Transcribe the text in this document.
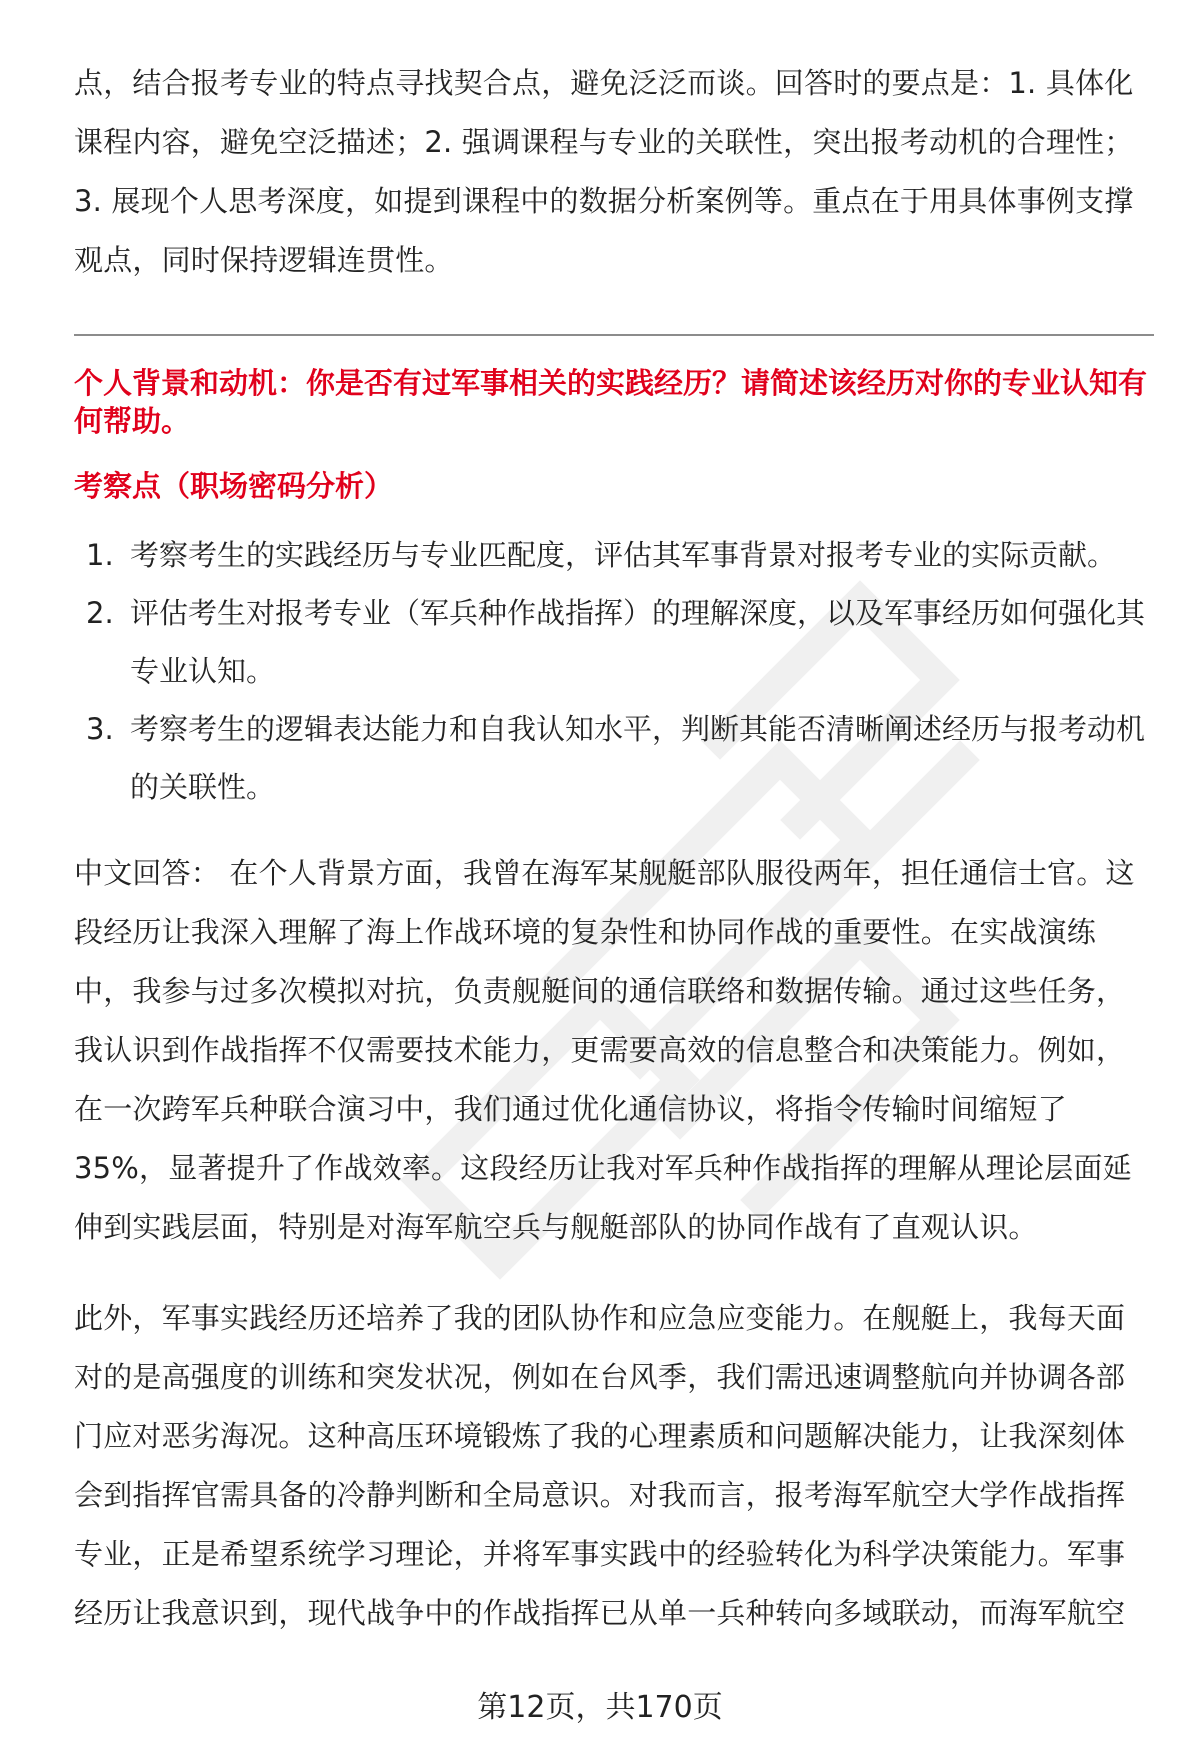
点，结合报考专业的特点寻找契合点，避免泛泛而谈。回答时的要点是：1. 具体化课程内容，避免空泛描述；2. 强调课程与专业的关联性，突出报考动机的合理性；3. 展现个人思考深度，如提到课程中的数据分析案例等。重点在于用具体事例支撑观点，同时保持逻辑连贯性。

个人背景和动机：你是否有过军事相关的实践经历？请简述该经历对你的专业认知有何帮助。

考察点（职场密码分析）

1. 考察考生的实践经历与专业匹配度，评估其军事背景对报考专业的实际贡献。
2. 评估考生对报考专业（军兵种作战指挥）的理解深度，以及军事经历如何强化其专业认知。
3. 考察考生的逻辑表达能力和自我认知水平，判断其能否清晰阐述经历与报考动机的关联性。

中文回答： 在个人背景方面，我曾在海军某舰艇部队服役两年，担任通信士官。这段经历让我深入理解了海上作战环境的复杂性和协同作战的重要性。在实战演练中，我参与过多次模拟对抗，负责舰艇间的通信联络和数据传输。通过这些任务，我认识到作战指挥不仅需要技术能力，更需要高效的信息整合和决策能力。例如，在一次跨军兵种联合演习中，我们通过优化通信协议，将指令传输时间缩短了35%，显著提升了作战效率。这段经历让我对军兵种作战指挥的理解从理论层面延伸到实践层面，特别是对海军航空兵与舰艇部队的协同作战有了直观认识。

此外，军事实践经历还培养了我的团队协作和应急应变能力。在舰艇上，我每天面对的是高强度的训练和突发状况，例如在台风季，我们需迅速调整航向并协调各部门应对恶劣海况。这种高压环境锻炼了我的心理素质和问题解决能力，让我深刻体会到指挥官需具备的冷静判断和全局意识。对我而言，报考海军航空大学作战指挥专业，正是希望系统学习理论，并将军事实践中的经验转化为科学决策能力。军事经历让我意识到，现代战争中的作战指挥已从单一兵种转向多域联动，而海军航空

第12页，共170页
